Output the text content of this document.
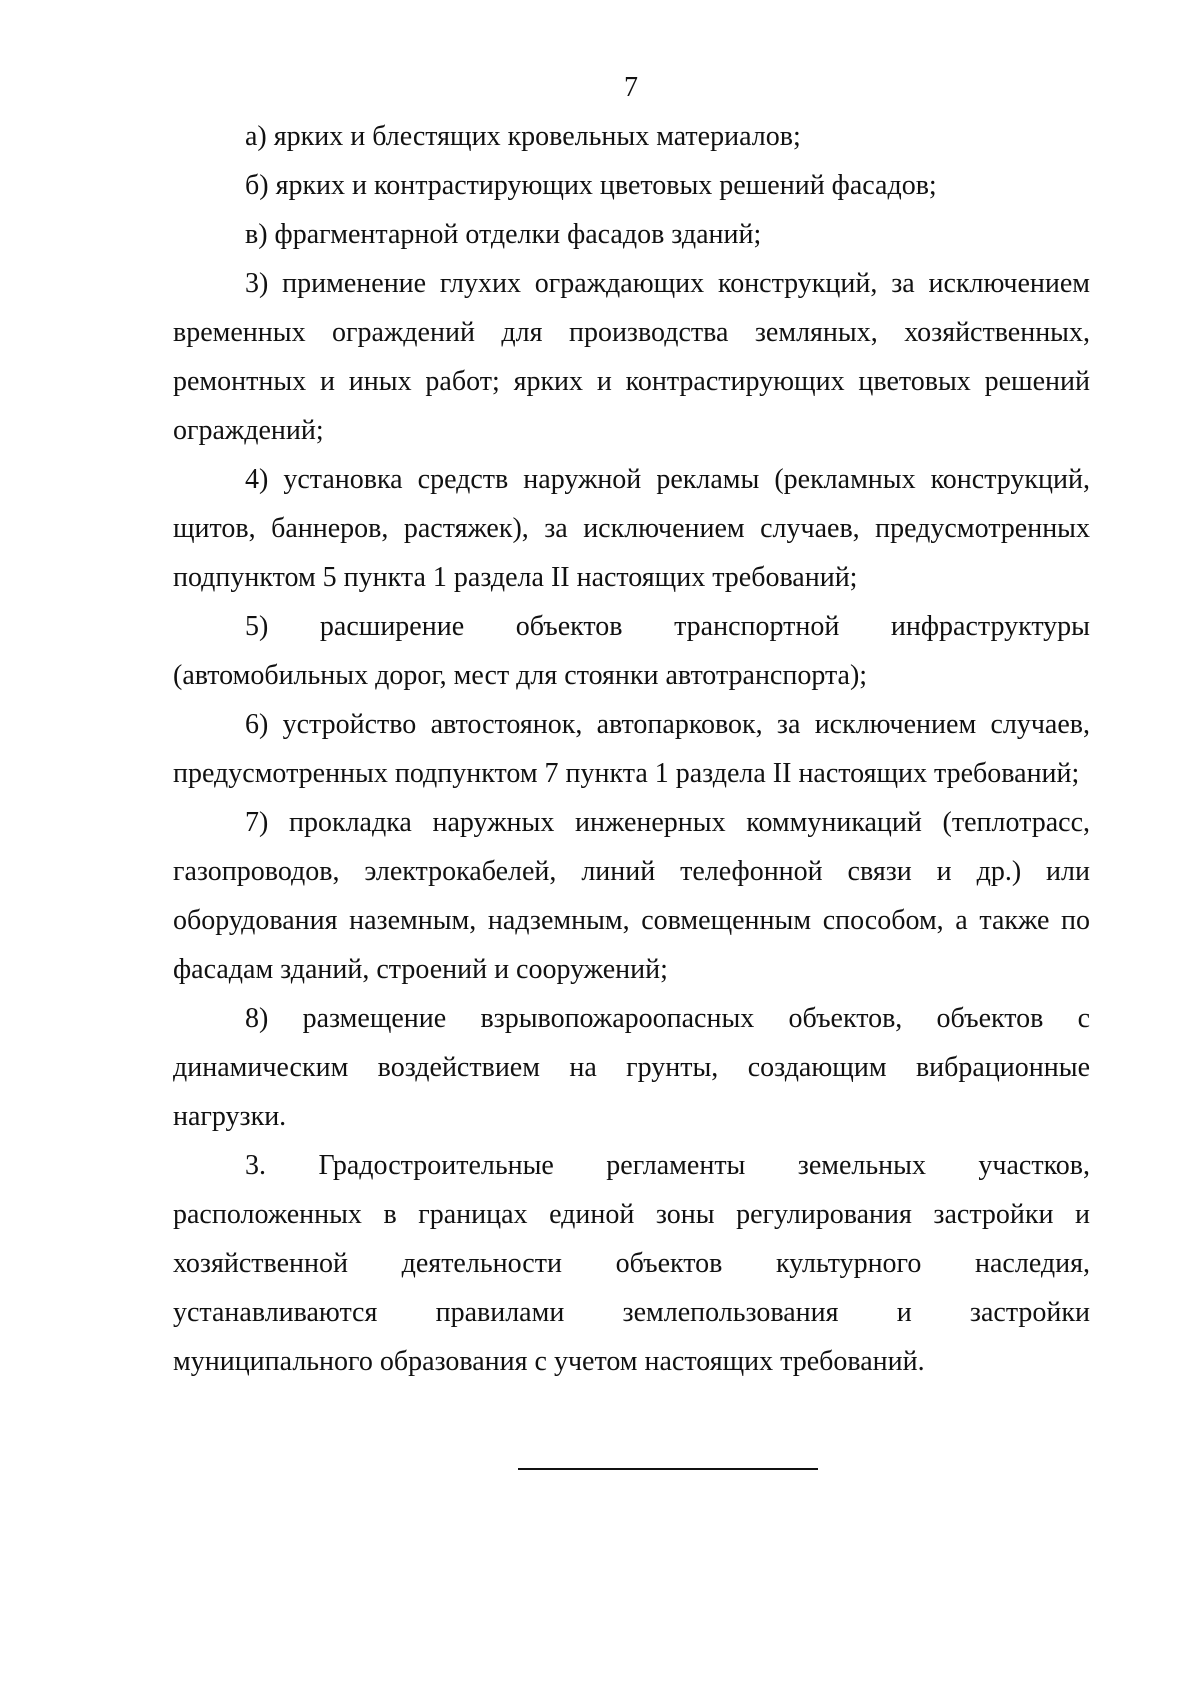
7

а) ярких и блестящих кровельных материалов;

б) ярких и контрастирующих цветовых решений фасадов;

в) фрагментарной отделки фасадов зданий;

3) применение глухих ограждающих конструкций, за исключением временных ограждений для производства земляных, хозяйственных, ремонтных и иных работ; ярких и контрастирующих цветовых решений ограждений;

4) установка средств наружной рекламы (рекламных конструкций, щитов, баннеров, растяжек), за исключением случаев, предусмотренных подпунктом 5 пункта 1 раздела II настоящих требований;

5) расширение объектов транспортной инфраструктуры (автомобильных дорог, мест для стоянки автотранспорта);

6) устройство автостоянок, автопарковок, за исключением случаев, предусмотренных подпунктом 7 пункта 1 раздела II настоящих требований;

7) прокладка наружных инженерных коммуникаций (теплотрасс, газопроводов, электрокабелей, линий телефонной связи и др.) или оборудования наземным, надземным, совмещенным способом, а также по фасадам зданий, строений и сооружений;

8) размещение взрывопожароопасных объектов, объектов с динамическим воздействием на грунты, создающим вибрационные нагрузки.

3. Градостроительные регламенты земельных участков, расположенных в границах единой зоны регулирования застройки и хозяйственной деятельности объектов культурного наследия, устанавливаются правилами землепользования и застройки муниципального образования с учетом настоящих требований.
